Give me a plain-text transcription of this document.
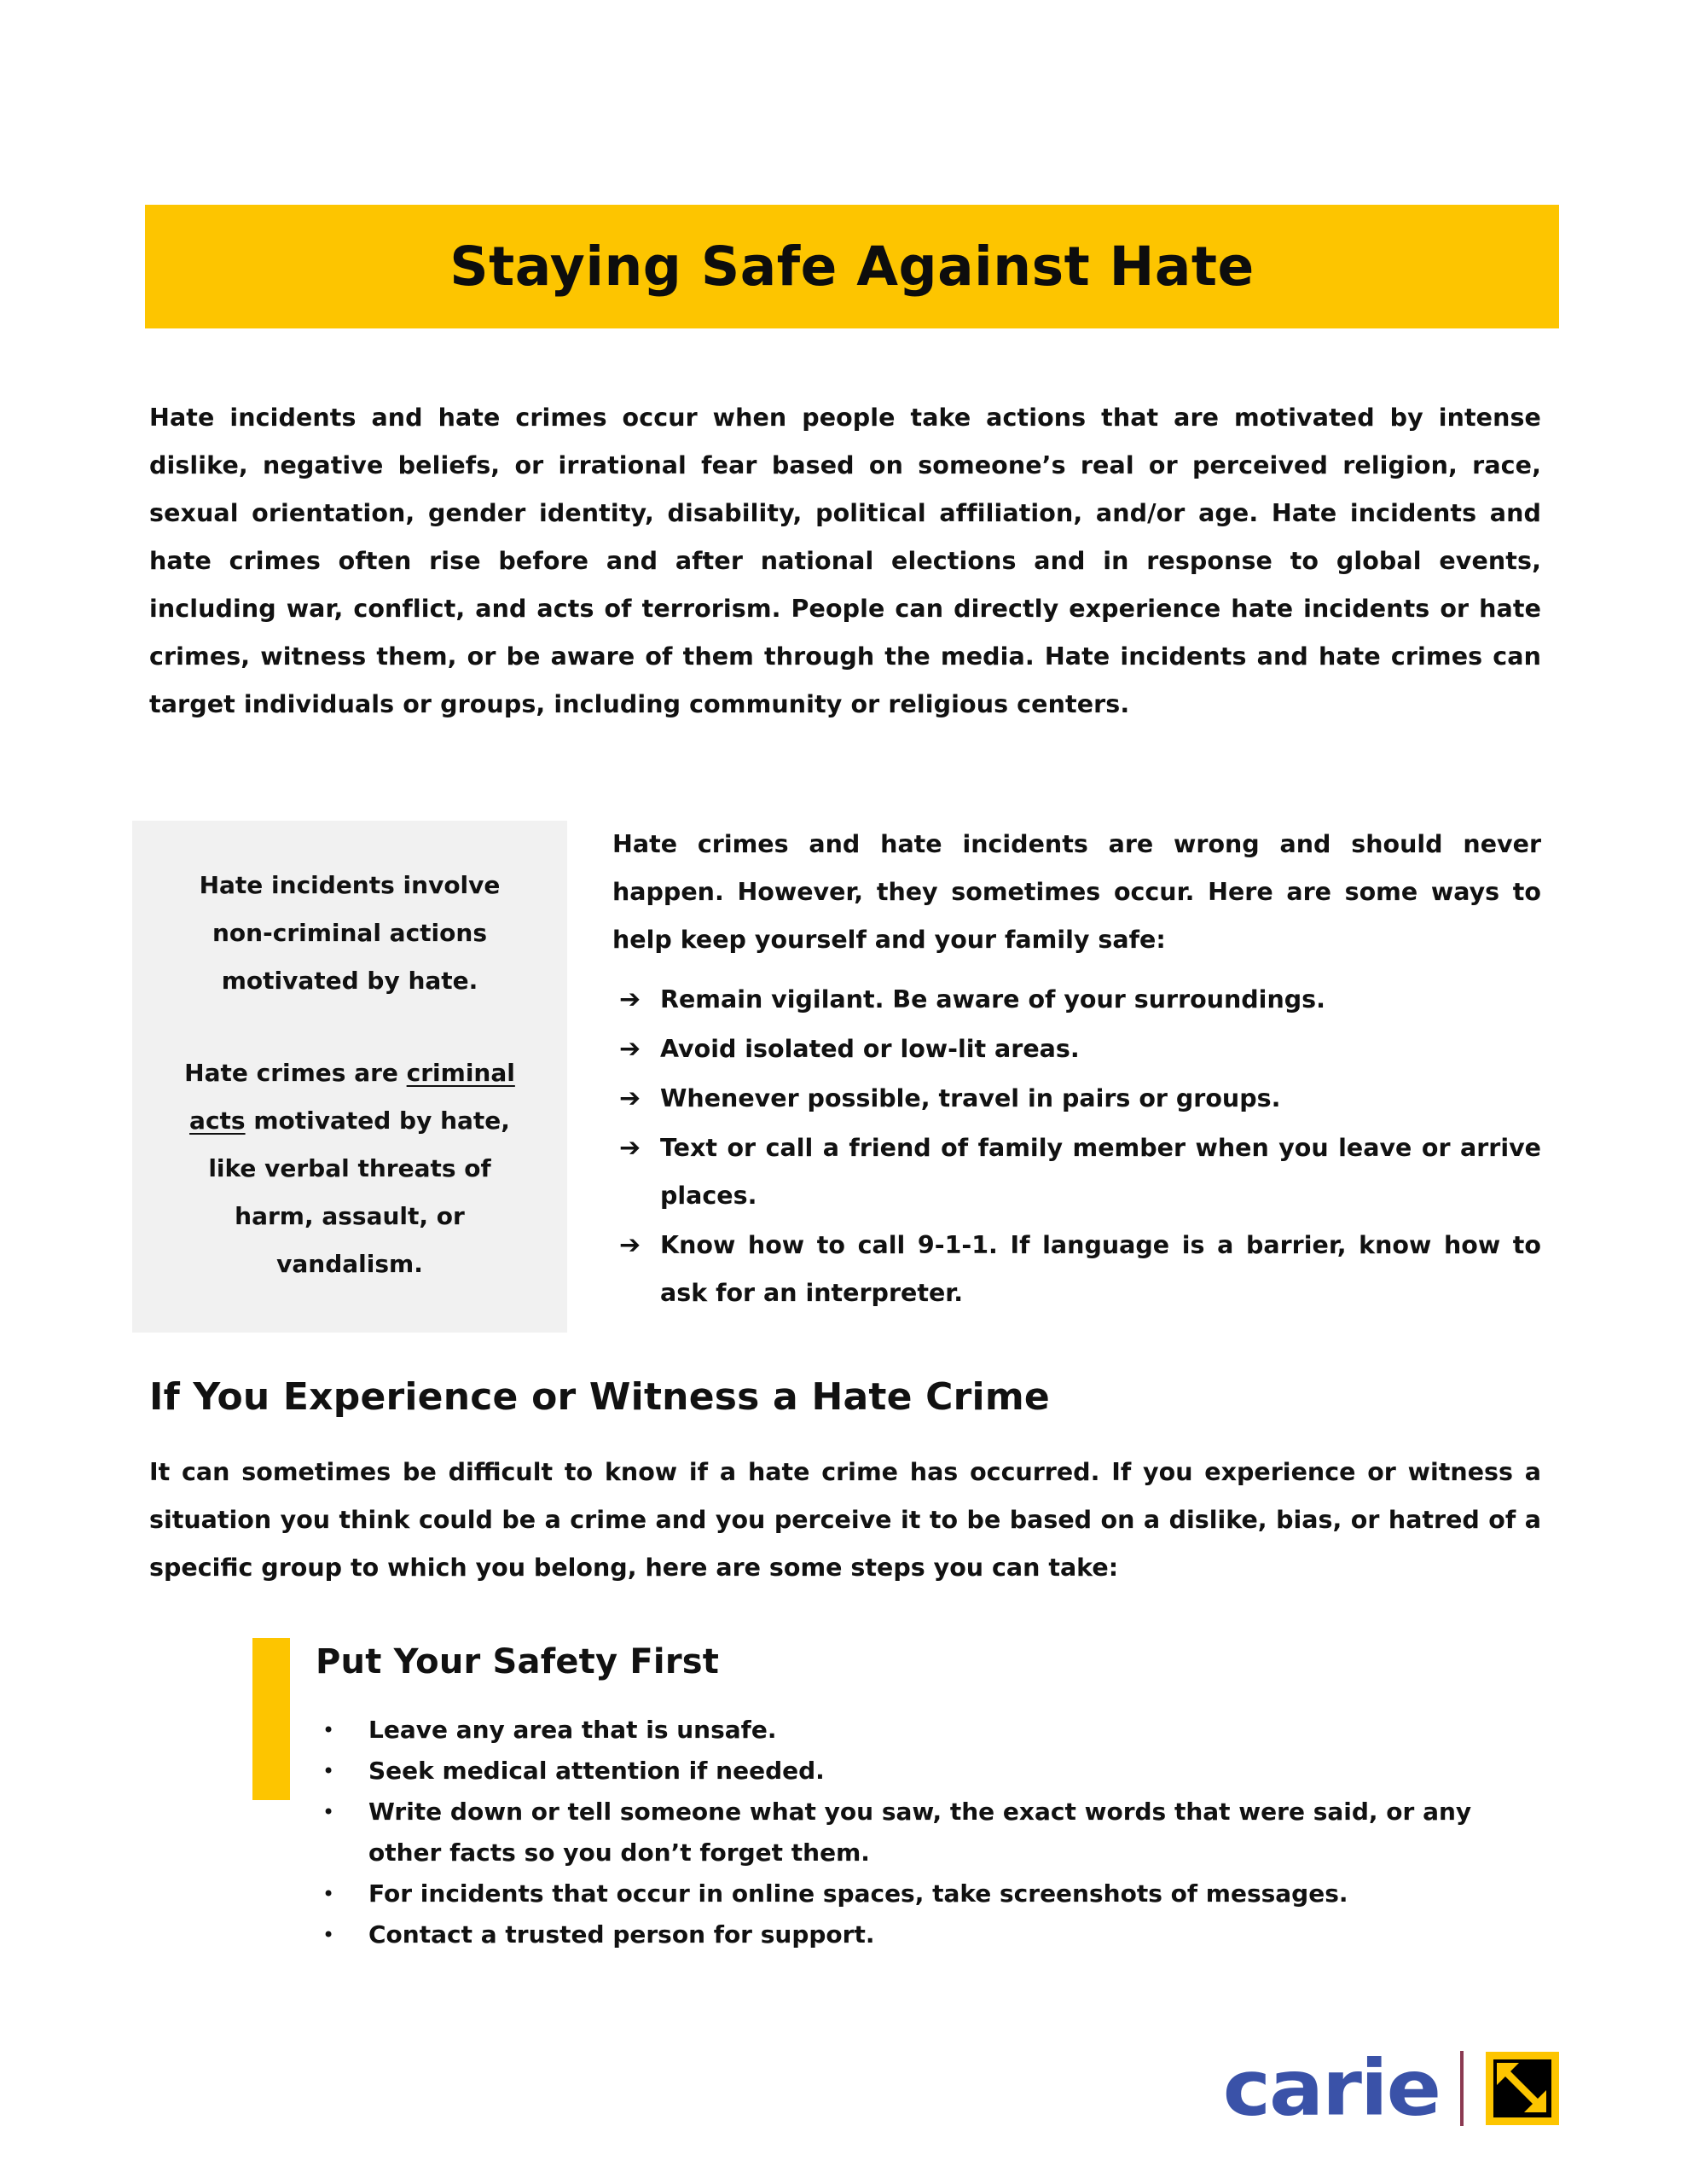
Staying Safe Against Hate
Hate incidents and hate crimes occur when people take actions that are motivated by intense dislike, negative beliefs, or irrational fear based on someone’s real or perceived religion, race, sexual orientation, gender identity, disability, political affiliation, and/or age. Hate incidents and hate crimes often rise before and after national elections and in response to global events, including war, conflict, and acts of terrorism. People can directly experience hate incidents or hate crimes, witness them, or be aware of them through the media. Hate incidents and hate crimes can target individuals or groups, including community or religious centers.

Hate incidents involve non-criminal actions motivated by hate.

Hate crimes are criminal acts motivated by hate, like verbal threats of harm, assault, or vandalism.

Hate crimes and hate incidents are wrong and should never happen. However, they sometimes occur. Here are some ways to help keep yourself and your family safe:

➔ Remain vigilant. Be aware of your surroundings.
➔ Avoid isolated or low-lit areas.
➔ Whenever possible, travel in pairs or groups.
➔ Text or call a friend of family member when you leave or arrive places.
➔ Know how to call 9-1-1. If language is a barrier, know how to ask for an interpreter.
If You Experience or Witness a Hate Crime
It can sometimes be difficult to know if a hate crime has occurred. If you experience or witness a situation you think could be a crime and you perceive it to be based on a dislike, bias, or hatred of a specific group to which you belong, here are some steps you can take:
Put Your Safety First
•	Leave any area that is unsafe.
•	Seek medical attention if needed.
•	Write down or tell someone what you saw, the exact words that were said, or any other facts so you don’t forget them.
•	For incidents that occur in online spaces, take screenshots of messages.
•	Contact a trusted person for support.
carie
